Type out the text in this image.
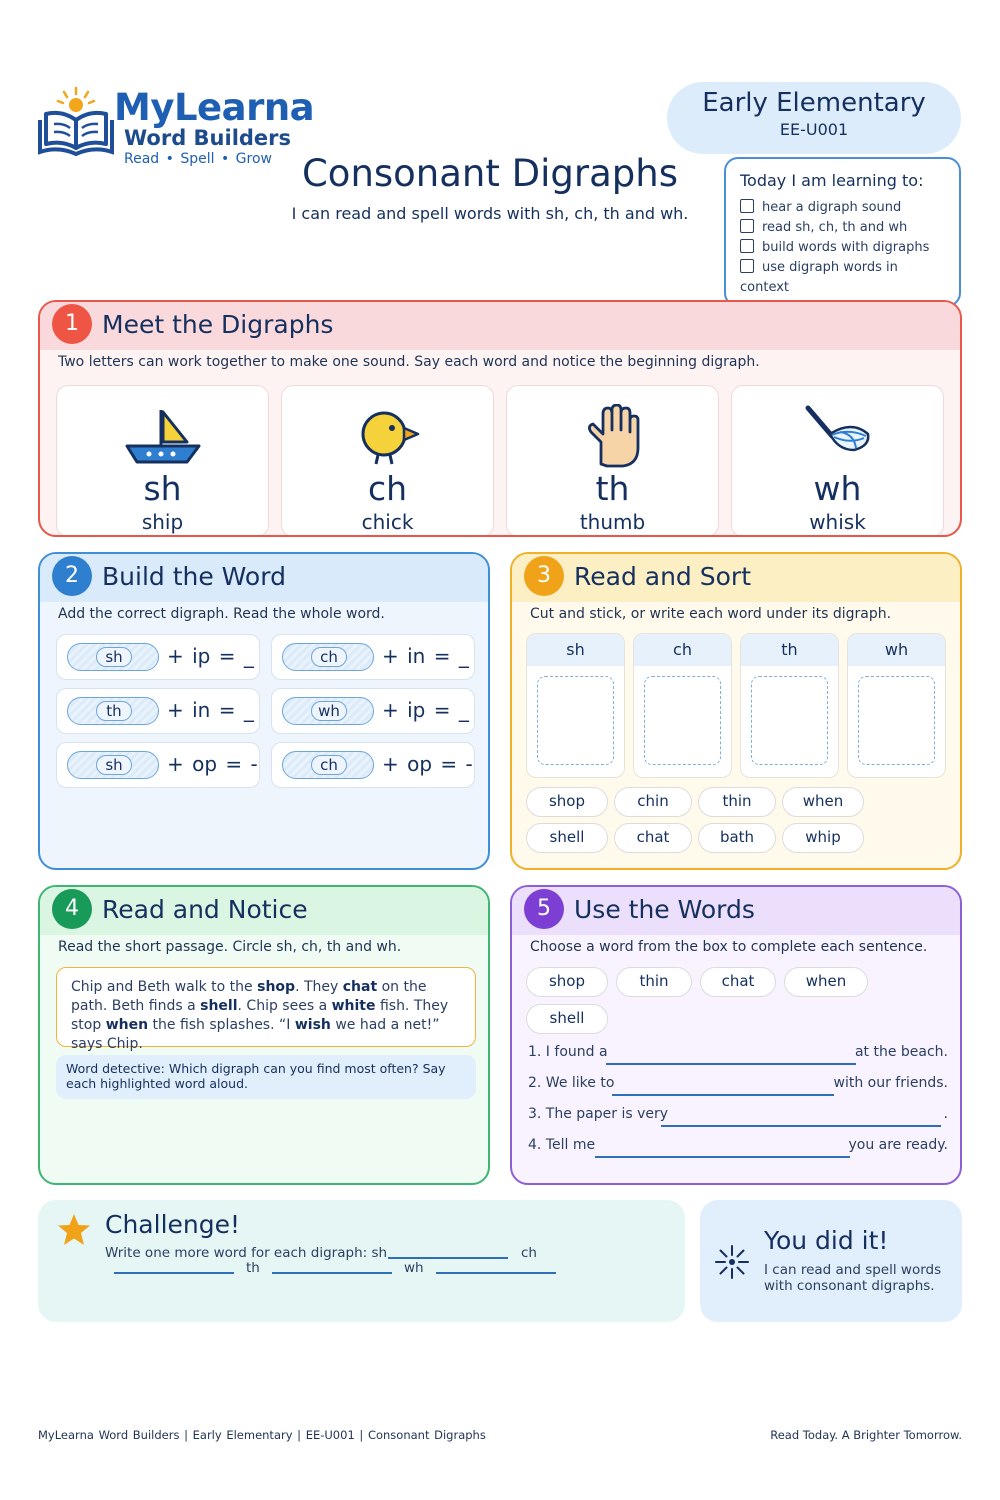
MyLearna
Word Builders
Read • Spell • Grow Consonant Digraphs
I can read and spell words with sh, ch, th and wh.
Early Elementary
EE-U001
Today I am learning to:
hear a digraph sound
read sh, ch, th and wh
build words with digraphs
use digraph words in context
1 Meet the Digraphs
Two letters can work together to make one sound. Say each word and notice the beginning digraph.
sh
ship
ch
chick
th
thumb
wh
whisk
2 Build the Word
Add the correct digraph. Read the whole word.
sh	+ ip = _	ch	+ in = _
th	+ in = _	wh	+ ip = _
sh	+ op = -	ch	+ op = -
3 Read and Sort
Cut and stick, or write each word under its digraph.
sh	ch	th	wh
shop	chin	thin	when
shell	chat	bath	whip
4 Read and Notice
Read the short passage. Circle sh, ch, th and wh.
Chip and Beth walk to the shop. They chat on the path. Beth finds a shell. Chip sees a white fish. They stop when the fish splashes. “I wish we had a net!” says Chip.
Word detective: Which digraph can you find most often? Say each highlighted word aloud.
5 Use the Words
Choose a word from the box to complete each sentence.
shop	thin	chat	when
shell
1. I found a	at the beach.
2. We like to	with our friends.
3. The paper is very	.
4. Tell me	you are ready.
Challenge!
Write one more word for each digraph: sh	ch
th	wh
You did it!

I can read and spell words with consonant digraphs.

MyLearna Word Builders | Early Elementary | EE-U001 | Consonant Digraphs	Read Today. A Brighter Tomorrow.
